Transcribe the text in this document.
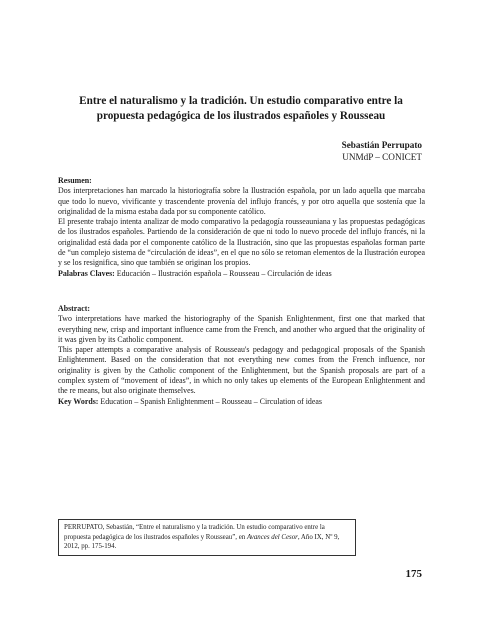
Entre el naturalismo y la tradición. Un estudio comparativo entre la
propuesta pedagógica de los ilustrados españoles y Rousseau
Sebastián Perrupato
UNMdP – CONICET
Resumen:
Dos interpretaciones han marcado la historiografía sobre la Ilustración española, por un lado aquella que marcaba que todo lo nuevo, vivificante y trascendente provenía del influjo francés, y por otro aquella que sostenía que la originalidad de la misma estaba dada por su componente católico.
El presente trabajo intenta analizar de modo comparativo la pedagogía rousseauniana y las propuestas pedagógicas de los ilustrados españoles. Partiendo de la consideración de que ni todo lo nuevo procede del influjo francés, ni la originalidad está dada por el componente católico de la Ilustración, sino que las propuestas españolas forman parte de “un complejo sistema de “circulación de ideas”, en el que no sólo se retoman elementos de la Ilustración europea y se los resignifica, sino que también se originan los propios.
Palabras Claves: Educación – Ilustración española – Rousseau – Circulación de ideas
Abstract:
Two interpretations have marked the historiography of the Spanish Enlightenment, first one that marked that everything new, crisp and important influence came from the French, and another who argued that the originality of it was given by its Catholic component.
This paper attempts a comparative analysis of Rousseau's pedagogy and pedagogical proposals of the Spanish Enlightenment. Based on the consideration that not everything new comes from the French influence, nor originality is given by the Catholic component of the Enlightenment, but the Spanish proposals are part of a complex system of “movement of ideas”, in which no only takes up elements of the European Enlightenment and the re means, but also originate themselves.
Key Words: Education – Spanish Enlightenment – Rousseau – Circulation of ideas
PERRUPATO, Sebastián, “Entre el naturalismo y la tradición. Un estudio comparativo entre la propuesta pedagógica de los ilustrados españoles y Rousseau”, en Avances del Cesor, Año IX, Nº 9, 2012, pp. 175-194.
175
